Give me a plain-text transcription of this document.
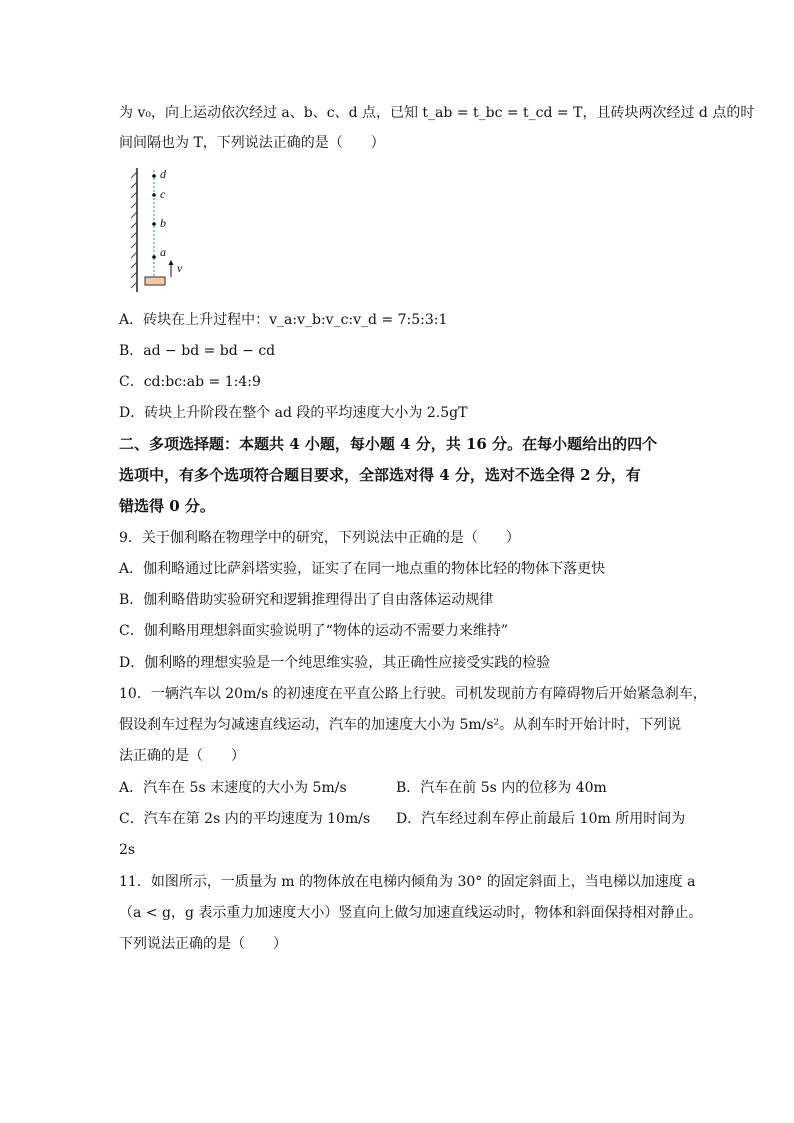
为 v₀，向上运动依次经过 a、b、c、d 点，已知 t_ab = t_bc = t_cd = T，且砖块两次经过 d 点的时
间间隔也为 T，下列说法正确的是（　　）
d
c
b
a
v
A．砖块在上升过程中：v_a:v_b:v_c:v_d = 7:5:3:1
B．ad − bd = bd − cd
C．cd:bc:ab = 1:4:9
D．砖块上升阶段在整个 ad 段的平均速度大小为 2.5gT
二、多项选择题：本题共 4 小题，每小题 4 分，共 16 分。在每小题给出的四个
选项中，有多个选项符合题目要求，全部选对得 4 分，选对不选全得 2 分，有
错选得 0 分。
9．关于伽利略在物理学中的研究，下列说法中正确的是（　　）
A．伽利略通过比萨斜塔实验，证实了在同一地点重的物体比轻的物体下落更快
B．伽利略借助实验研究和逻辑推理得出了自由落体运动规律
C．伽利略用理想斜面实验说明了“物体的运动不需要力来维持”
D．伽利略的理想实验是一个纯思维实验，其正确性应接受实践的检验
10．一辆汽车以 20m/s 的初速度在平直公路上行驶。司机发现前方有障碍物后开始紧急刹车，
假设刹车过程为匀减速直线运动，汽车的加速度大小为 5m/s²。从刹车时开始计时，下列说
法正确的是（　　）
A．汽车在 5s 末速度的大小为 5m/s	B．汽车在前 5s 内的位移为 40m
C．汽车在第 2s 内的平均速度为 10m/s D．汽车经过刹车停止前最后 10m 所用时间为
2s
11．如图所示，一质量为 m 的物体放在电梯内倾角为 30° 的固定斜面上，当电梯以加速度 a
（a < g，g 表示重力加速度大小）竖直向上做匀加速直线运动时，物体和斜面保持相对静止。
下列说法正确的是（　　）
